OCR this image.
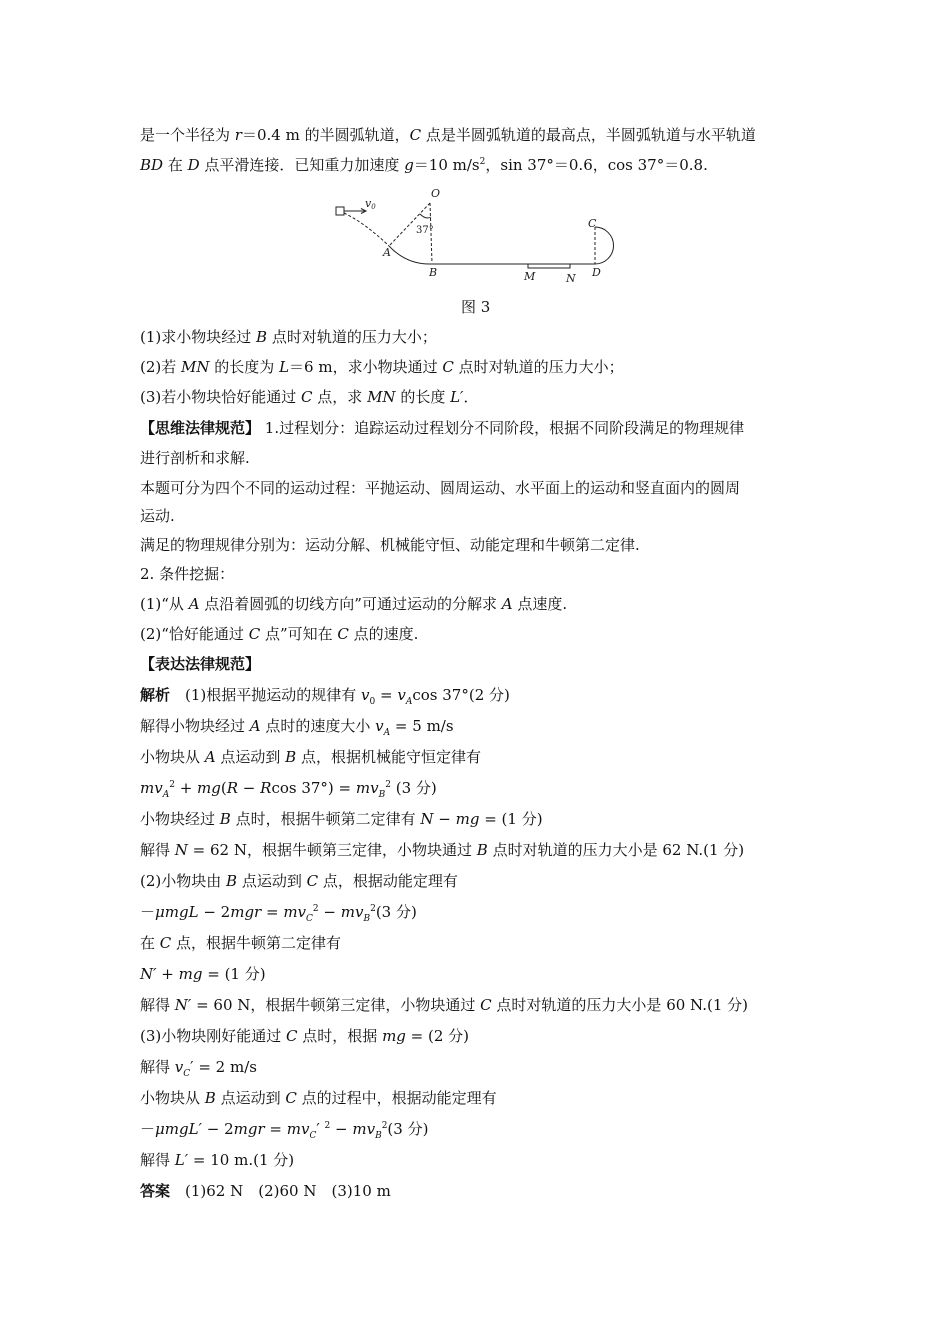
是一个半径为 r＝0.4 m 的半圆弧轨道，C 点是半圆弧轨道的最高点，半圆弧轨道与水平轨道
BD 在 D 点平滑连接．已知重力加速度 g＝10 $m/s^2$，sin 37°＝0.6，cos 37°＝0.8.
v0
O
37°
A
B	M	N D
C
图 3
(1)求小物块经过 B 点时对轨道的压力大小；
(2)若 MN 的长度为 L＝6 m，求小物块通过 C 点时对轨道的压力大小；
(3)若小物块恰好能通过 C 点，求 MN 的长度 L′．
【思维法律规范】 1.过程划分：追踪运动过程划分不同阶段，根据不同阶段满足的物理规律
进行剖析和求解.
本题可分为四个不同的运动过程：平抛运动、圆周运动、水平面上的运动和竖直面内的圆周
运动.
满足的物理规律分别为：运动分解、机械能守恒、动能定理和牛顿第二定律.
2. 条件挖掘：
(1)“从 A 点沿着圆弧的切线方向”可通过运动的分解求 A 点速度.
(2)“恰好能通过 C 点”可知在 C 点的速度.
【表达法律规范】
解析　(1)根据平抛运动的规律有 $v_0 = v_A\cos$ 37°(2 分)
解得小物块经过 A 点时的速度大小 $v_A = 5$ m/s
小物块从 A 点运动到 B 点，根据机械能守恒定律有
$mv_A^2 + mg(R - Rcos$ $37^\circ) = mv_B^2$ (3 分)
小物块经过 B 点时，根据牛顿第二定律有 N − mg = (1 分)
解得 N = 62 N，根据牛顿第三定律，小物块通过 B 点时对轨道的压力大小是 62 N.(1 分)
(2)小物块由 B 点运动到 C 点，根据动能定理有
$-\mu mgL - 2mgr = mv_C^2 - mv_B^2(3$ 分)
在 C 点，根据牛顿第二定律有
N′ + mg = (1 分)
解得 N′ = 60 N，根据牛顿第三定律，小物块通过 C 点时对轨道的压力大小是 60 N.(1 分)
(3)小物块刚好能通过 C 点时，根据 mg = (2 分)
解得 $v_C' = 2$ m/s
小物块从 B 点运动到 C 点的过程中，根据动能定理有
$-\mu mgL' - 2mgr = mv_C'$ $^2 - mv_B^2(3$ 分)
解得 L′ = 10 m.(1 分)
答案　(1)62 N　(2)60 N　(3)10 m
